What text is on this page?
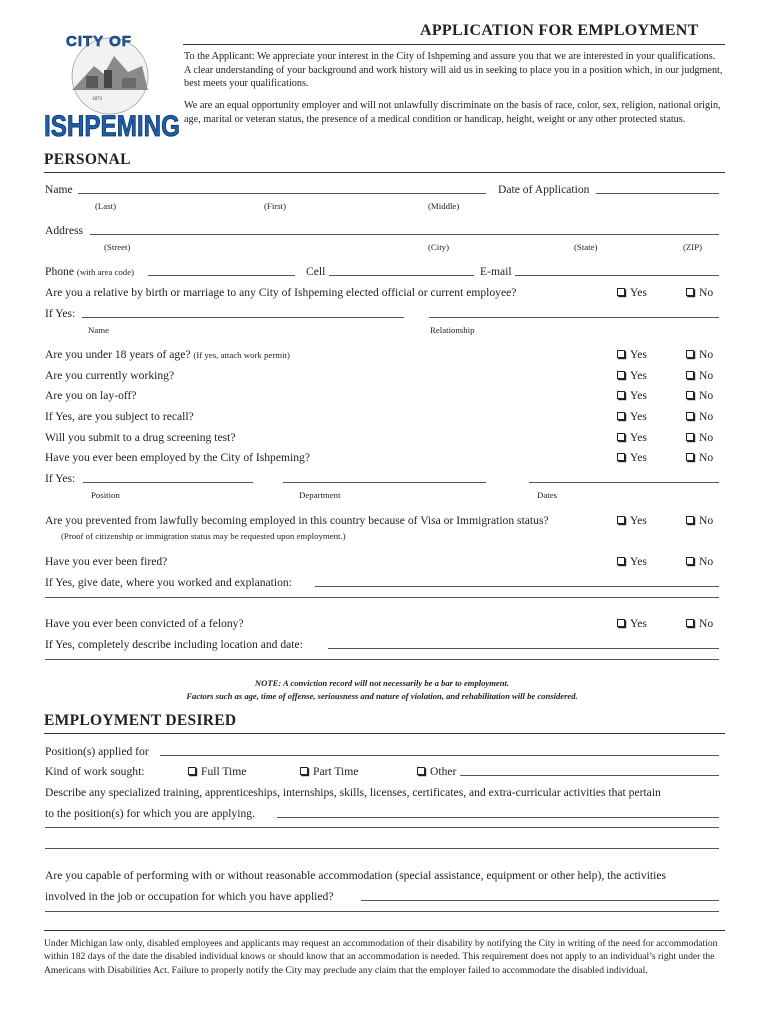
1873
CITY OF
ISHPEMING
APPLICATION FOR EMPLOYMENT
To the Applicant: We appreciate your interest in the City of Ishpeming and assure you that we are interested in your qualifications. A clear understanding of your background and work history will aid us in seeking to place you in a position which, in our judgment, best meets your qualifications.
We are an equal opportunity employer and will not unlawfully discriminate on the basis of race, color, sex, religion, national origin, age, marital or veteran status, the presence of a medical condition or handicap, height, weight or any other protected status.
PERSONAL
Name	Date of Application
(Last)	(First)	(Middle)
Address
(Street)	(City)	(State)	(ZIP)
Phone (with area code)	Cell	E-mail
Are you a relative by birth or marriage to any City of Ishpeming elected official or current employee?	Yes	No
If Yes:
Name	Relationship
Are you under 18 years of age? (If yes, attach work permit)	Yes	No
Are you currently working?	Yes	No
Are you on lay-off?	Yes	No
If Yes, are you subject to recall?	Yes	No
Will you submit to a drug screening test?	Yes	No
Have you ever been employed by the City of Ishpeming?	Yes	No
If Yes:
Position	Department	Dates
Are you prevented from lawfully becoming employed in this country because of Visa or Immigration status?	Yes	No
(Proof of citizenship or immigration status may be requested upon employment.)
Have you ever been fired?	Yes	No
If Yes, give date, where you worked and explanation:
Have you ever been convicted of a felony?	Yes	No
If Yes, completely describe including location and date:
NOTE: A conviction record will not necessarily be a bar to employment.
Factors such as age, time of offense, seriousness and nature of violation, and rehabilitation will be considered.
EMPLOYMENT DESIRED
Position(s) applied for
Kind of work sought:	Full Time	Part Time	Other
Describe any specialized training, apprenticeships, internships, skills, licenses, certificates, and extra-curricular activities that pertain
to the position(s) for which you are applying.
Are you capable of performing with or without reasonable accommodation (special assistance, equipment or other help), the activities
involved in the job or occupation for which you have applied?
Under Michigan law only, disabled employees and applicants may request an accommodation of their disability by notifying the City in writing of the need for accommodation within 182 days of the date the disabled individual knows or should know that an accommodation is needed. This requirement does not apply to an individual’s right under the Americans with Disabilities Act. Failure to properly notify the City may preclude any claim that the employer failed to accommodate the disabled individual.
